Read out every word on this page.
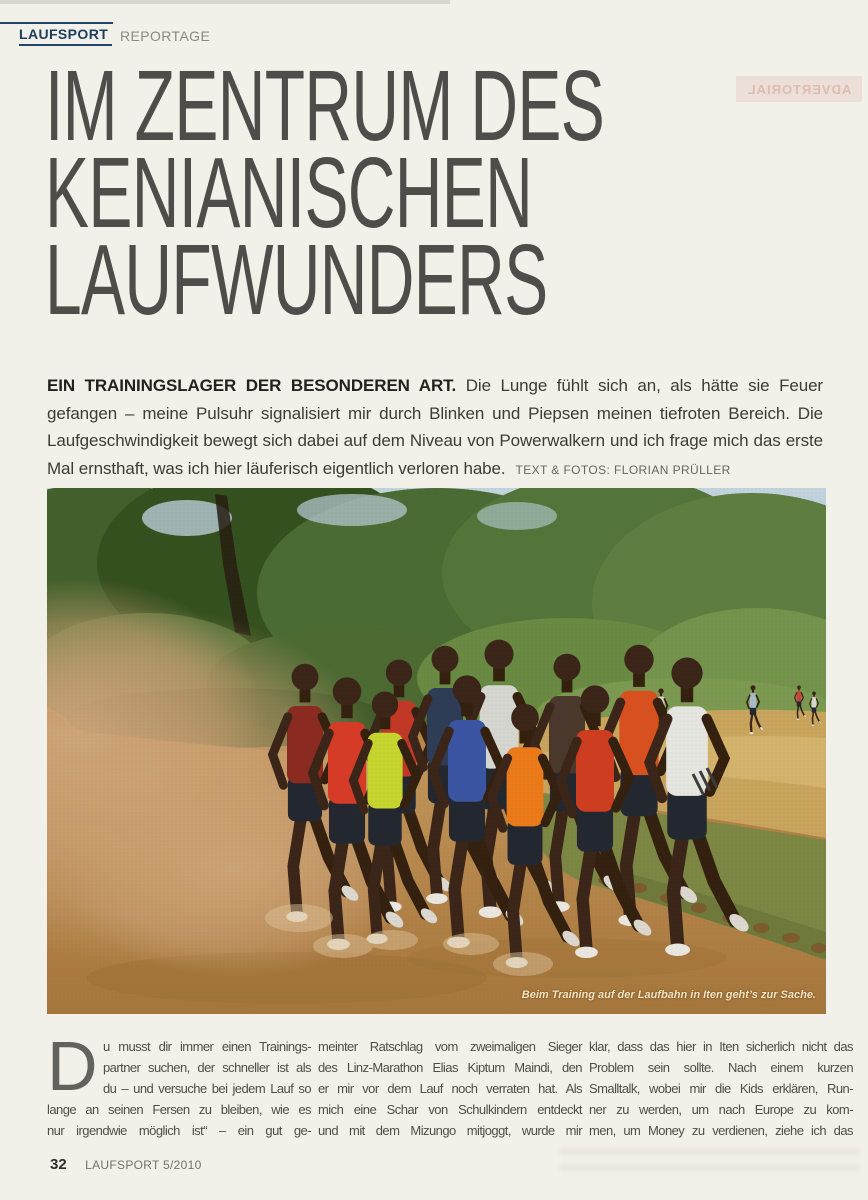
LAUFSPORT REPORTAGE
ADVERTORIAL
IM ZENTRUM DES
KENIANISCHEN
LAUFWUNDERS

EIN TRAININGSLAGER DER BESONDEREN ART. Die Lunge fühlt sich an, als hätte sie Feuer gefangen – meine Pulsuhr signalisiert mir durch Blinken und Piepsen meinen tiefroten Bereich. Die Laufgeschwindigkeit bewegt sich dabei auf dem Niveau von Powerwalkern und ich frage mich das erste Mal ernsthaft, was ich hier läuferisch eigentlich verloren habe. TEXT & FOTOS: FLORIAN PRÜLLER

Beim Training auf der Laufbahn in Iten geht’s zur Sache.
D u musst dir immer einen Trainings-
partner suchen, der schneller ist als
du – und versuche bei jedem Lauf so
lange an seinen Fersen zu bleiben, wie es
nur irgendwie möglich ist“ – ein gut ge-
meinter Ratschlag vom zweimaligen Sieger
des Linz-Marathon Elias Kiptum Maindi, den
er mir vor dem Lauf noch verraten hat. Als
mich eine Schar von Schulkindern entdeckt
und mit dem Mizungo mitjoggt, wurde mir
klar, dass das hier in Iten sicherlich nicht das
Problem sein sollte. Nach einem kurzen
Smalltalk, wobei mir die Kids erklären, Run-
ner zu werden, um nach Europe zu kom-
men, um Money zu verdienen, ziehe ich das
32 LAUFSPORT 5/2010
